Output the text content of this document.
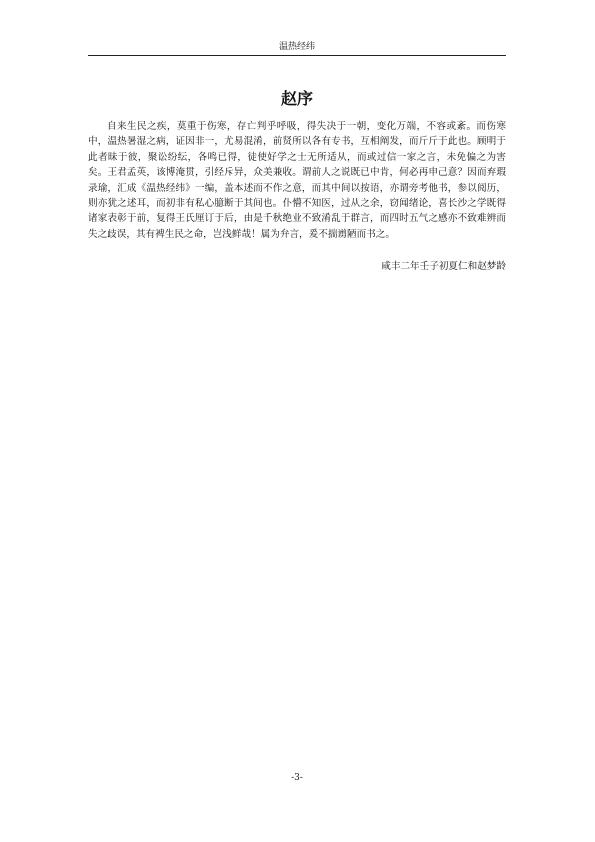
温热经纬
赵序

自来生民之疾，莫重于伤寒，存亡判乎呼吸，得失决于一朝，变化万端，不容或紊。而伤寒中，温热暑湿之病，证因非一，尤易混淆，前贤所以各有专书，互相阐发，而斤斤于此也。顾明于此者昧于彼，聚讼纷纭，各鸣已得，徒使好学之士无所适从，而或过信一家之言，未免偏之为害矣。王君孟英，该博淹贯，引经斥异，众美兼收。谓前人之说既已中肯，何必再申己意？因而弃瑕录瑜，汇成《温热经纬》一编，盖本述而不作之意，而其中间以按语，亦谓旁考他书，参以阅历，则亦犹之述耳，而初非有私心臆断于其间也。仆懵不知医，过从之余，窃闻绪论，喜长沙之学既得诸家表彰于前，复得王氏厘订于后，由是千秋绝业不致淆乱于群言，而四时五气之感亦不致难辨而失之歧误，其有裨生民之命，岂浅鲜哉！属为弁言，爰不揣谫陋而书之。

咸丰二年壬子初夏仁和赵梦龄
-3-
